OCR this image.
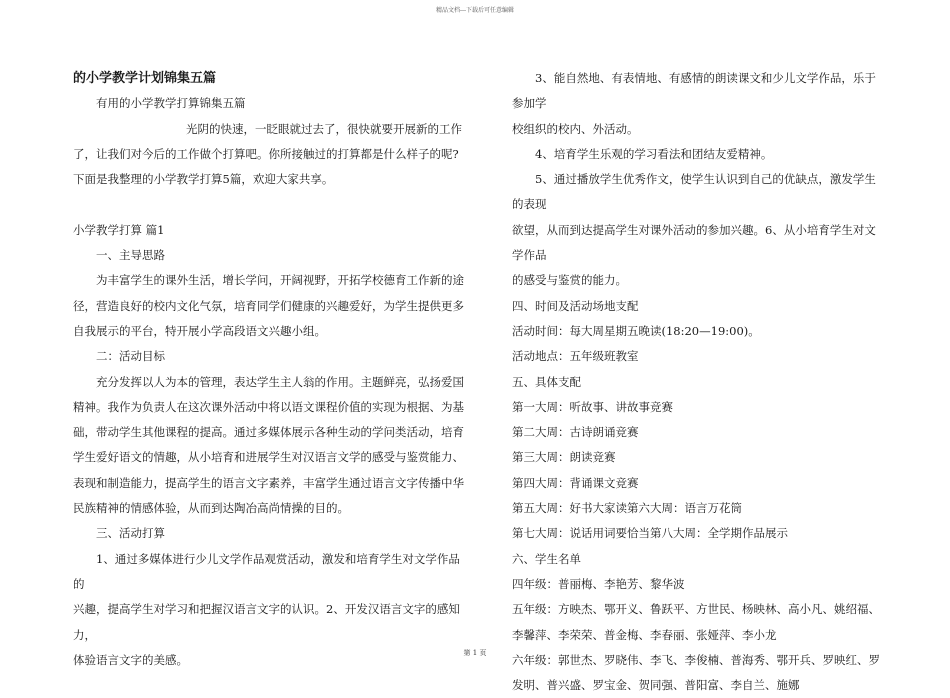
精品文档---下载后可任意编辑

的小学教学计划锦集五篇

有用的小学教学打算锦集五篇

光阴的快速，一眨眼就过去了，很快就要开展新的工作

了，让我们对今后的工作做个打算吧。你所接触过的打算都是什么样子的呢?

下面是我整理的小学教学打算5篇，欢迎大家共享。

小学教学打算 篇1

一、主导思路

为丰富学生的课外生活，增长学问，开阔视野，开拓学校德育工作新的途

径，营造良好的校内文化气氛，培育同学们健康的兴趣爱好，为学生提供更多

自我展示的平台，特开展小学高段语文兴趣小组。

二：活动目标

充分发挥以人为本的管理，表达学生主人翁的作用。主题鲜亮，弘扬爱国

精神。我作为负责人在这次课外活动中将以语文课程价值的实现为根据、为基

础，带动学生其他课程的提高。通过多媒体展示各种生动的学问类活动，培育

学生爱好语文的情趣，从小培育和进展学生对汉语言文学的感受与鉴赏能力、

表现和制造能力，提高学生的语言文字素养，丰富学生通过语言文字传播中华

民族精神的情感体验，从而到达陶冶高尚情操的目的。

三、活动打算

1、通过多媒体进行少儿文学作品观赏活动，激发和培育学生对文学作品的

兴趣，提高学生对学习和把握汉语言文字的认识。2、开发汉语言文字的感知力，

体验语言文字的美感。

3、能自然地、有表情地、有感情的朗读课文和少儿文学作品，乐于参加学

校组织的校内、外活动。

4、培育学生乐观的学习看法和团结友爱精神。

5、通过播放学生优秀作文，使学生认识到自己的优缺点，激发学生的表现

欲望，从而到达提高学生对课外活动的参加兴趣。6、从小培育学生对文学作品

的感受与鉴赏的能力。

四、时间及活动场地支配

活动时间：每大周星期五晚读(18:20—19:00)。

活动地点：五年级班教室

五、具体支配

第一大周：听故事、讲故事竞赛

第二大周：古诗朗诵竞赛

第三大周：朗读竞赛

第四大周：背诵课文竞赛

第五大周：好书大家读第六大周：语言万花筒

第七大周：说话用词要恰当第八大周：全学期作品展示

六、学生名单

四年级：普丽梅、李艳芳、黎华波

五年级：方映杰、鄂开义、鲁跃平、方世民、杨映林、高小凡、姚绍福、

李馨萍、李荣荣、普金梅、李春丽、张娅萍、李小龙

六年级：郭世杰、罗晓伟、李飞、李俊楠、普海秀、鄂开兵、罗映红、罗

发明、普兴盛、罗宝金、贺同强、普阳富、李自兰、施娜

第 1 页
